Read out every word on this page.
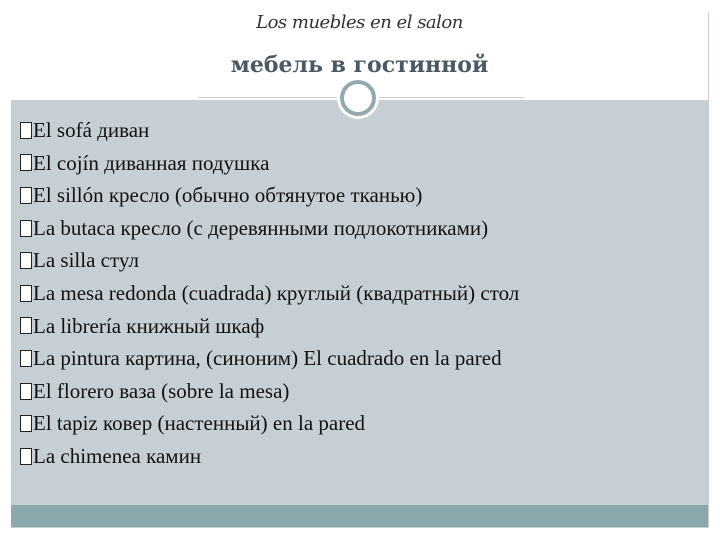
Los muebles en el salon
мебель в гостинной
El sofá диван
El cojín диванная подушка
El sillón кресло (обычно обтянутое тканью)
La butaca кресло (с деревянными подлокотниками)
La silla стул
La mesa redonda (cuadrada) круглый (квадратный) стол
La librería книжный шкаф
La pintura картина, (синоним) El cuadrado en la pared
El florero ваза (sobre la mesa)
El tapiz ковер (настенный) en la pared
La chimenea камин
